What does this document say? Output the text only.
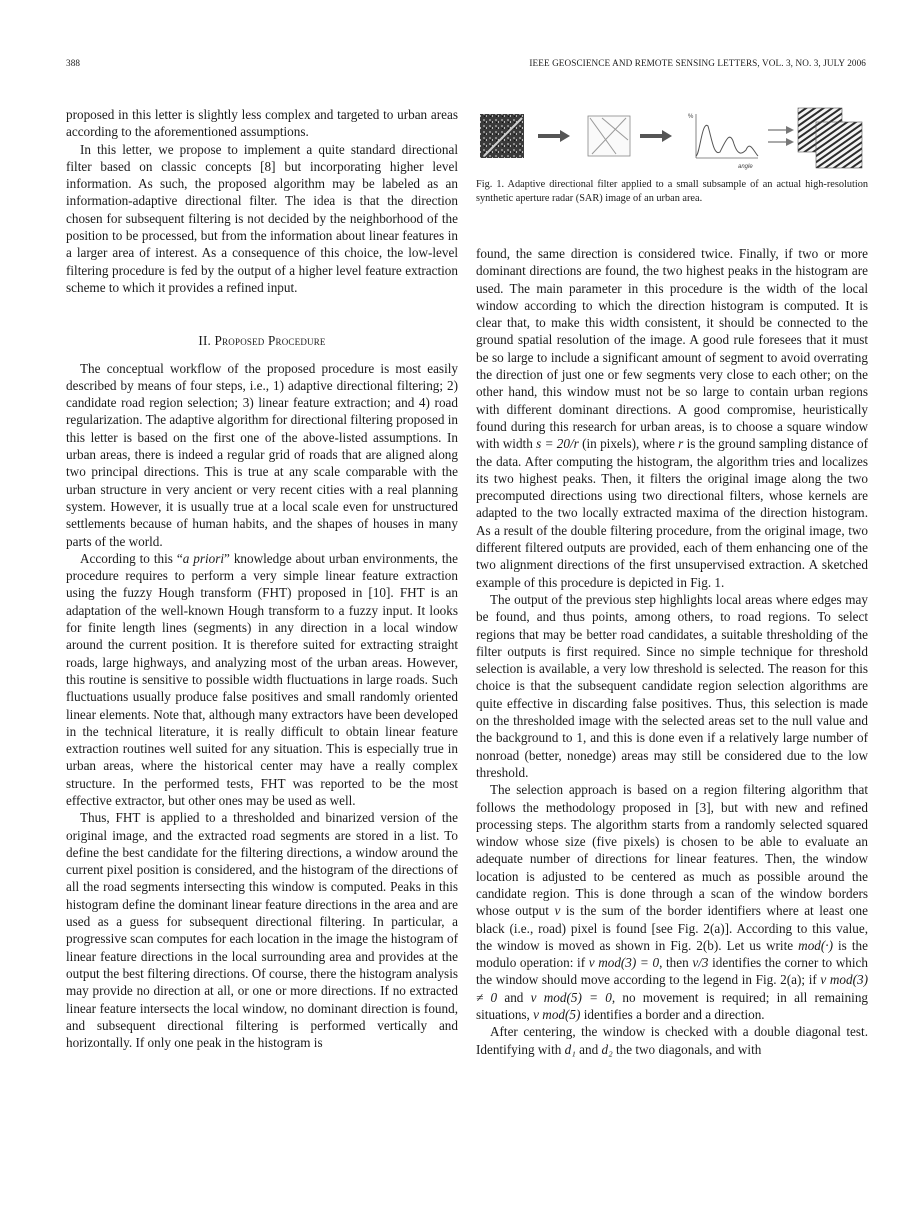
388	IEEE GEOSCIENCE AND REMOTE SENSING LETTERS, VOL. 3, NO. 3, JULY 2006

proposed in this letter is slightly less complex and targeted to urban areas according to the aforementioned assumptions.

In this letter, we propose to implement a quite standard directional filter based on classic concepts [8] but incorporating higher level information. As such, the proposed algorithm may be labeled as an information-adaptive directional filter. The idea is that the direction chosen for subsequent filtering is not decided by the neighborhood of the position to be processed, but from the information about linear features in a larger area of interest. As a consequence of this choice, the low-level filtering procedure is fed by the output of a higher level feature extraction scheme to which it provides a refined input.

II. Proposed Procedure

The conceptual workflow of the proposed procedure is most easily described by means of four steps, i.e., 1) adaptive directional filtering; 2) candidate road region selection; 3) linear feature extraction; and 4) road regularization. The adaptive algorithm for directional filtering proposed in this letter is based on the first one of the above-listed assumptions. In urban areas, there is indeed a regular grid of roads that are aligned along two principal directions. This is true at any scale comparable with the urban structure in very ancient or very recent cities with a real planning system. However, it is usually true at a local scale even for unstructured settlements because of human habits, and the shapes of houses in many parts of the world.

According to this “a priori” knowledge about urban environments, the procedure requires to perform a very simple linear feature extraction using the fuzzy Hough transform (FHT) proposed in [10]. FHT is an adaptation of the well-known Hough transform to a fuzzy input. It looks for finite length lines (segments) in any direction in a local window around the current position. It is therefore suited for extracting straight roads, large highways, and analyzing most of the urban areas. However, this routine is sensitive to possible width fluctuations in large roads. Such fluctuations usually produce false positives and small randomly oriented linear elements. Note that, although many extractors have been developed in the technical literature, it is really difficult to obtain linear feature extraction routines well suited for any situation. This is especially true in urban areas, where the historical center may have a really complex structure. In the performed tests, FHT was reported to be the most effective extractor, but other ones may be used as well.

Thus, FHT is applied to a thresholded and binarized version of the original image, and the extracted road segments are stored in a list. To define the best candidate for the filtering directions, a window around the current pixel position is considered, and the histogram of the directions of all the road segments intersecting this window is computed. Peaks in this histogram define the dominant linear feature directions in the area and are used as a guess for subsequent directional filtering. In particular, a progressive scan computes for each location in the image the histogram of linear feature directions in the local surrounding area and provides at the output the best filtering directions. Of course, there the histogram analysis may provide no direction at all, or one or more directions. If no extracted linear feature intersects the local window, no dominant direction is found, and subsequent directional filtering is performed vertically and horizontally. If only one peak in the histogram is

%
angle
Fig. 1. Adaptive directional filter applied to a small subsample of an actual high-resolution synthetic aperture radar (SAR) image of an urban area.

found, the same direction is considered twice. Finally, if two or more dominant directions are found, the two highest peaks in the histogram are used. The main parameter in this procedure is the width of the local window according to which the direction histogram is computed. It is clear that, to make this width consistent, it should be connected to the ground spatial resolution of the image. A good rule foresees that it must be so large to include a significant amount of segment to avoid overrating the direction of just one or few segments very close to each other; on the other hand, this window must not be so large to contain urban regions with different dominant directions. A good compromise, heuristically found during this research for urban areas, is to choose a square window with width s = 20/r (in pixels), where r is the ground sampling distance of the data. After computing the histogram, the algorithm tries and localizes its two highest peaks. Then, it filters the original image along the two precomputed directions using two directional filters, whose kernels are adapted to the two locally extracted maxima of the direction histogram. As a result of the double filtering procedure, from the original image, two different filtered outputs are provided, each of them enhancing one of the two alignment directions of the first unsupervised extraction. A sketched example of this procedure is depicted in Fig. 1.

The output of the previous step highlights local areas where edges may be found, and thus points, among others, to road regions. To select regions that may be better road candidates, a suitable thresholding of the filter outputs is first required. Since no simple technique for threshold selection is available, a very low threshold is selected. The reason for this choice is that the subsequent candidate region selection algorithms are quite effective in discarding false positives. Thus, this selection is made on the thresholded image with the selected areas set to the null value and the background to 1, and this is done even if a relatively large number of nonroad (better, nonedge) areas may still be considered due to the low threshold.

The selection approach is based on a region filtering algorithm that follows the methodology proposed in [3], but with new and refined processing steps. The algorithm starts from a randomly selected squared window whose size (five pixels) is chosen to be able to evaluate an adequate number of directions for linear features. Then, the window location is adjusted to be centered as much as possible around the candidate region. This is done through a scan of the window borders whose output v is the sum of the border identifiers where at least one black (i.e., road) pixel is found [see Fig. 2(a)]. According to this value, the window is moved as shown in Fig. 2(b). Let us write mod(·) is the modulo operation: if v mod(3) = 0, then v/3 identifies the corner to which the window should move according to the legend in Fig. 2(a); if v mod(3) ≠ 0 and v mod(5) = 0, no movement is required; in all remaining situations, v mod(5) identifies a border and a direction.

After centering, the window is checked with a double diagonal test. Identifying with d₁ and d₂ the two diagonals, and with
